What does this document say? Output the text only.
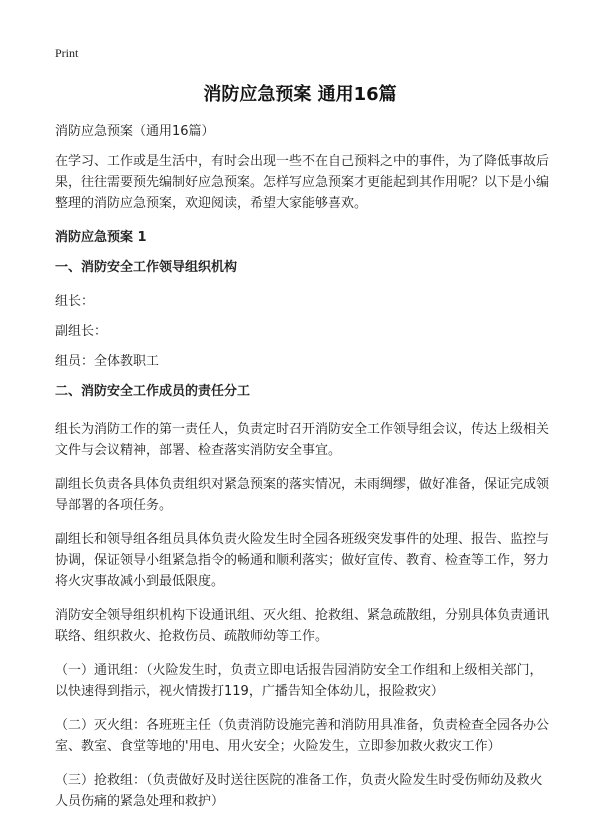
Print
消防应急预案 通用16篇

消防应急预案（通用16篇）

在学习、工作或是生活中，有时会出现一些不在自己预料之中的事件，为了降低事故后果，往往需要预先编制好应急预案。怎样写应急预案才更能起到其作用呢？以下是小编整理的消防应急预案，欢迎阅读，希望大家能够喜欢。

消防应急预案 1

一、消防安全工作领导组织机构

组长：

副组长：

组员：全体教职工

二、消防安全工作成员的责任分工

组长为消防工作的第一责任人，负责定时召开消防安全工作领导组会议，传达上级相关文件与会议精神，部署、检查落实消防安全事宜。

副组长负责各具体负责组织对紧急预案的落实情况，未雨绸缪，做好准备，保证完成领导部署的各项任务。

副组长和领导组各组员具体负责火险发生时全园各班级突发事件的处理、报告、监控与协调，保证领导小组紧急指令的畅通和顺利落实；做好宣传、教育、检查等工作，努力将火灾事故减小到最低限度。

消防安全领导组织机构下设通讯组、灭火组、抢救组、紧急疏散组，分别具体负责通讯联络、组织救火、抢救伤员、疏散师幼等工作。

（一）通讯组：（火险发生时，负责立即电话报告园消防安全工作组和上级相关部门，以快速得到指示，视火情拨打119，广播告知全体幼儿，报险救灾）

（二）灭火组：各班班主任（负责消防设施完善和消防用具准备，负责检查全园各办公室、教室、食堂等地的'用电、用火安全；火险发生，立即参加救火救灾工作）

（三）抢救组：（负责做好及时送往医院的准备工作，负责火险发生时受伤师幼及救火人员伤痛的紧急处理和救护）
